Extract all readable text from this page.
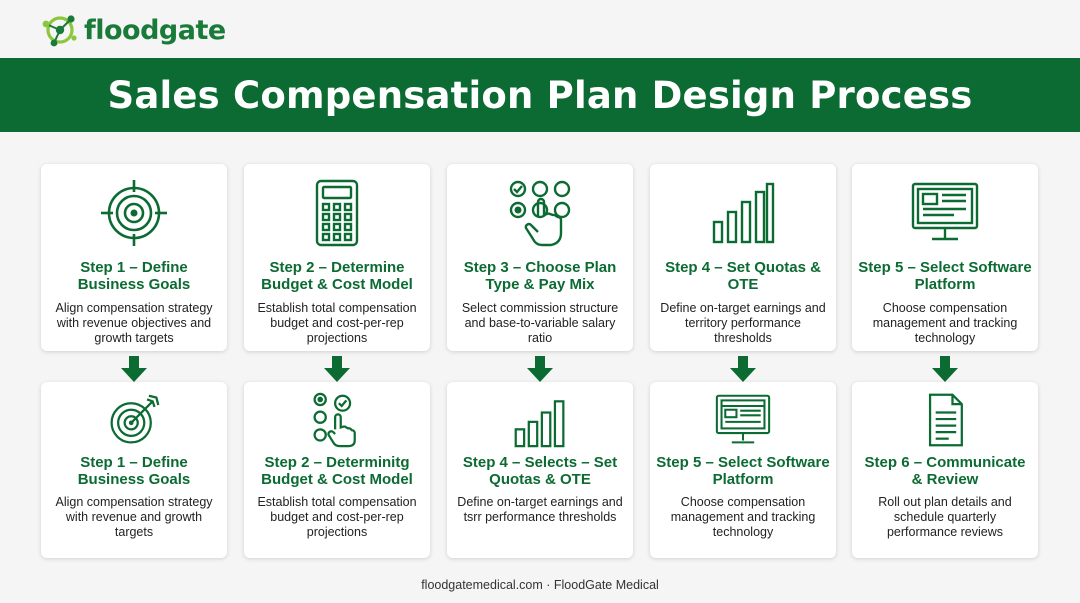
floodgate
Sales Compensation Plan Design Process
Step 1 – Define Business Goals
Align compensation strategy with revenue objectives and growth targets
Step 2 – Determine Budget & Cost Model
Establish total compensation budget and cost-per-rep projections
Step 3 – Choose Plan Type & Pay Mix
Select commission structure and base-to-variable salary ratio
Step 4 – Set Quotas & OTE
Define on-target earnings and territory performance thresholds
Step 5 – Select Software Platform
Choose compensation management and tracking technology
Step 1 – Define Business Goals
Align compensation strategy with revenue and growth targets
Step 2 – Determinitg Budget & Cost Model
Establish total compensation budget and cost-per-rep projections
Step 4 – Selects – Set Quotas & OTE
Define on-target earnings and tsrr performance thresholds
Step 5 – Select Software Platform
Choose compensation management and tracking technology
Step 6 – Communicate & Review
Roll out plan details and schedule quarterly performance reviews
floodgatemedical.com · FloodGate Medical
